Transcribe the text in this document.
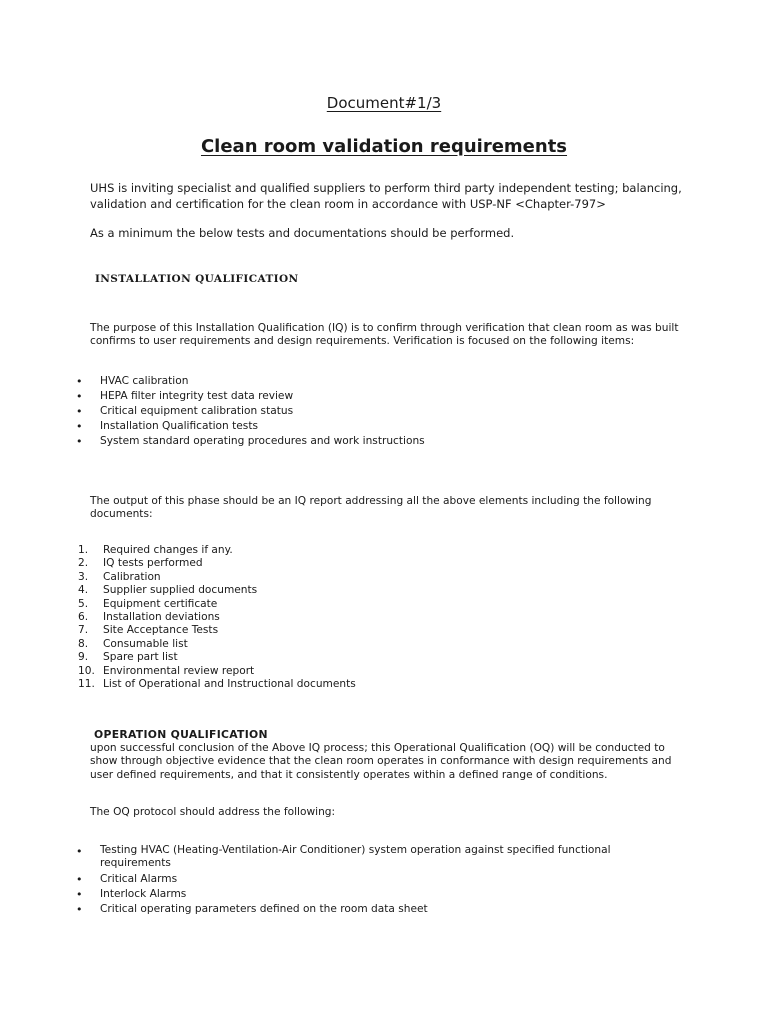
Document#1/3
Clean room validation requirements
UHS is inviting specialist and qualified suppliers to perform third party independent testing; balancing, validation and certification for the clean room in accordance with USP-NF <Chapter-797>
As a minimum the below tests and documentations should be performed.
INSTALLATION QUALIFICATION
The purpose of this Installation Qualification (IQ) is to confirm through verification that clean room as was built confirms to user requirements and design requirements. Verification is focused on the following items:
• HVAC calibration
• HEPA filter integrity test data review
• Critical equipment calibration status
• Installation Qualification tests
• System standard operating procedures and work instructions
The output of this phase should be an IQ report addressing all the above elements including the following documents:
1.	Required changes if any.
2.	IQ tests performed
3.	Calibration
4.	Supplier supplied documents
5.	Equipment certificate
6.	Installation deviations
7.	Site Acceptance Tests
8.	Consumable list
9.	Spare part list
10. Environmental review report
11. List of Operational and Instructional documents
OPERATION QUALIFICATION
upon successful conclusion of the Above IQ process; this Operational Qualification (OQ) will be conducted to show through objective evidence that the clean room operates in conformance with design requirements and user defined requirements, and that it consistently operates within a defined range of conditions.
The OQ protocol should address the following:
• Testing HVAC (Heating-Ventilation-Air Conditioner) system operation against specified functional requirements
• Critical Alarms
• Interlock Alarms
• Critical operating parameters defined on the room data sheet
